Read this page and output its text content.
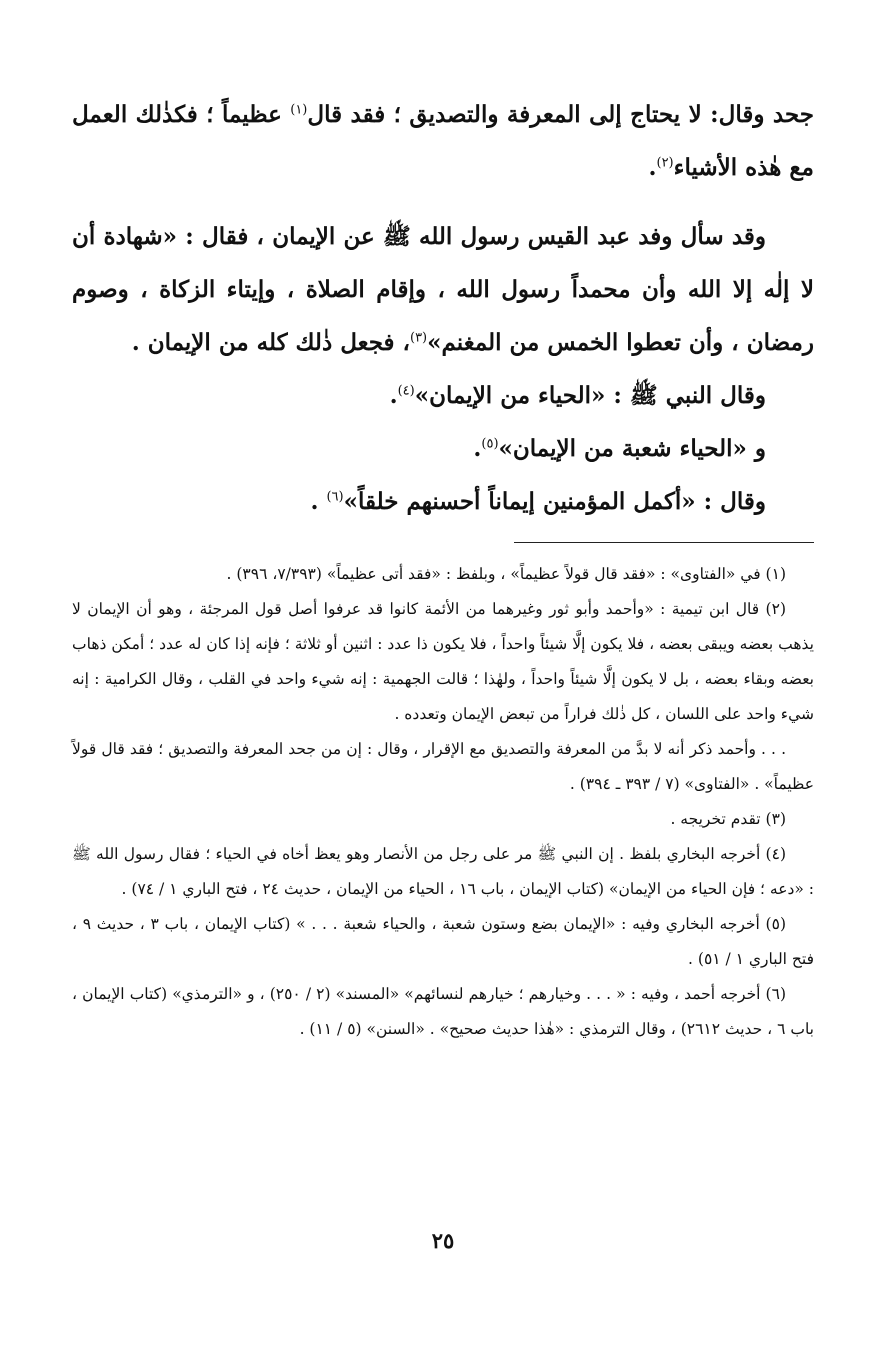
جحد وقال: لا يحتاج إلى المعرفة والتصديق ؛ فقد قال$^{(١)}$ عظيماً ؛ فكذٰلك العمل مع هٰذه الأشياء$^{(٢)}$.

وقد سأل وفد عبد القيس رسول الله ﷺ عن الإيمان ، فقال : «شهادة أن لا إلٰه إلا الله وأن محمداً رسول الله ، وإقام الصلاة ، وإيتاء الزكاة ، وصوم رمضان ، وأن تعطوا الخمس من المغنم»$^{(٣)}$، فجعل ذٰلك كله من الإيمان .

وقال النبي ﷺ : «الحياء من الإيمان»$^{(٤)}$.

و «الحياء شعبة من الإيمان»$^{(٥)}$.

وقال : «أكمل المؤمنين إيماناً أحسنهم خلقاً»$^{(٦)}$ .

(١) في «الفتاوى» : «فقد قال قولاً عظيماً» ، وبلفظ : «فقد أتى عظيماً» (٧/٣٩٣، ٣٩٦) .

(٢) قال ابن تيمية : «وأحمد وأبو ثور وغيرهما من الأئمة كانوا قد عرفوا أصل قول المرجئة ، وهو أن الإيمان لا يذهب بعضه ويبقى بعضه ، فلا يكون إلَّا شيئاً واحداً ، فلا يكون ذا عدد : اثنين أو ثلاثة ؛ فإنه إذا كان له عدد ؛ أمكن ذهاب بعضه وبقاء بعضه ، بل لا يكون إلَّا شيئاً واحداً ، ولهٰذا ؛ قالت الجهمية : إنه شيء واحد في القلب ، وقال الكرامية : إنه شيء واحد على اللسان ، كل ذٰلك فراراً من تبعض الإيمان وتعدده .

. . . وأحمد ذكر أنه لا بدَّ من المعرفة والتصديق مع الإقرار ، وقال : إن من جحد المعرفة والتصديق ؛ فقد قال قولاً عظيماً» . «الفتاوى» (٧ / ٣٩٣ ـ ٣٩٤) .

(٣) تقدم تخريجه .

(٤) أخرجه البخاري بلفظ . إن النبي ﷺ مر على رجل من الأنصار وهو يعظ أخاه في الحياء ؛ فقال رسول الله ﷺ : «دعه ؛ فإن الحياء من الإيمان» (كتاب الإيمان ، باب ١٦ ، الحياء من الإيمان ، حديث ٢٤ ، فتح الباري ١ / ٧٤) .

(٥) أخرجه البخاري وفيه : «الإيمان بضع وستون شعبة ، والحياء شعبة . . . » (كتاب الإيمان ، باب ٣ ، حديث ٩ ، فتح الباري ١ / ٥١) .

(٦) أخرجه أحمد ، وفيه : « . . . وخيارهم ؛ خيارهم لنسائهم» «المسند» (٢ / ٢٥٠) ، و «الترمذي» (كتاب الإيمان ، باب ٦ ، حديث ٢٦١٢) ، وقال الترمذي : «هٰذا حديث صحيح» . «السنن» (٥ / ١١) .

٢٥
